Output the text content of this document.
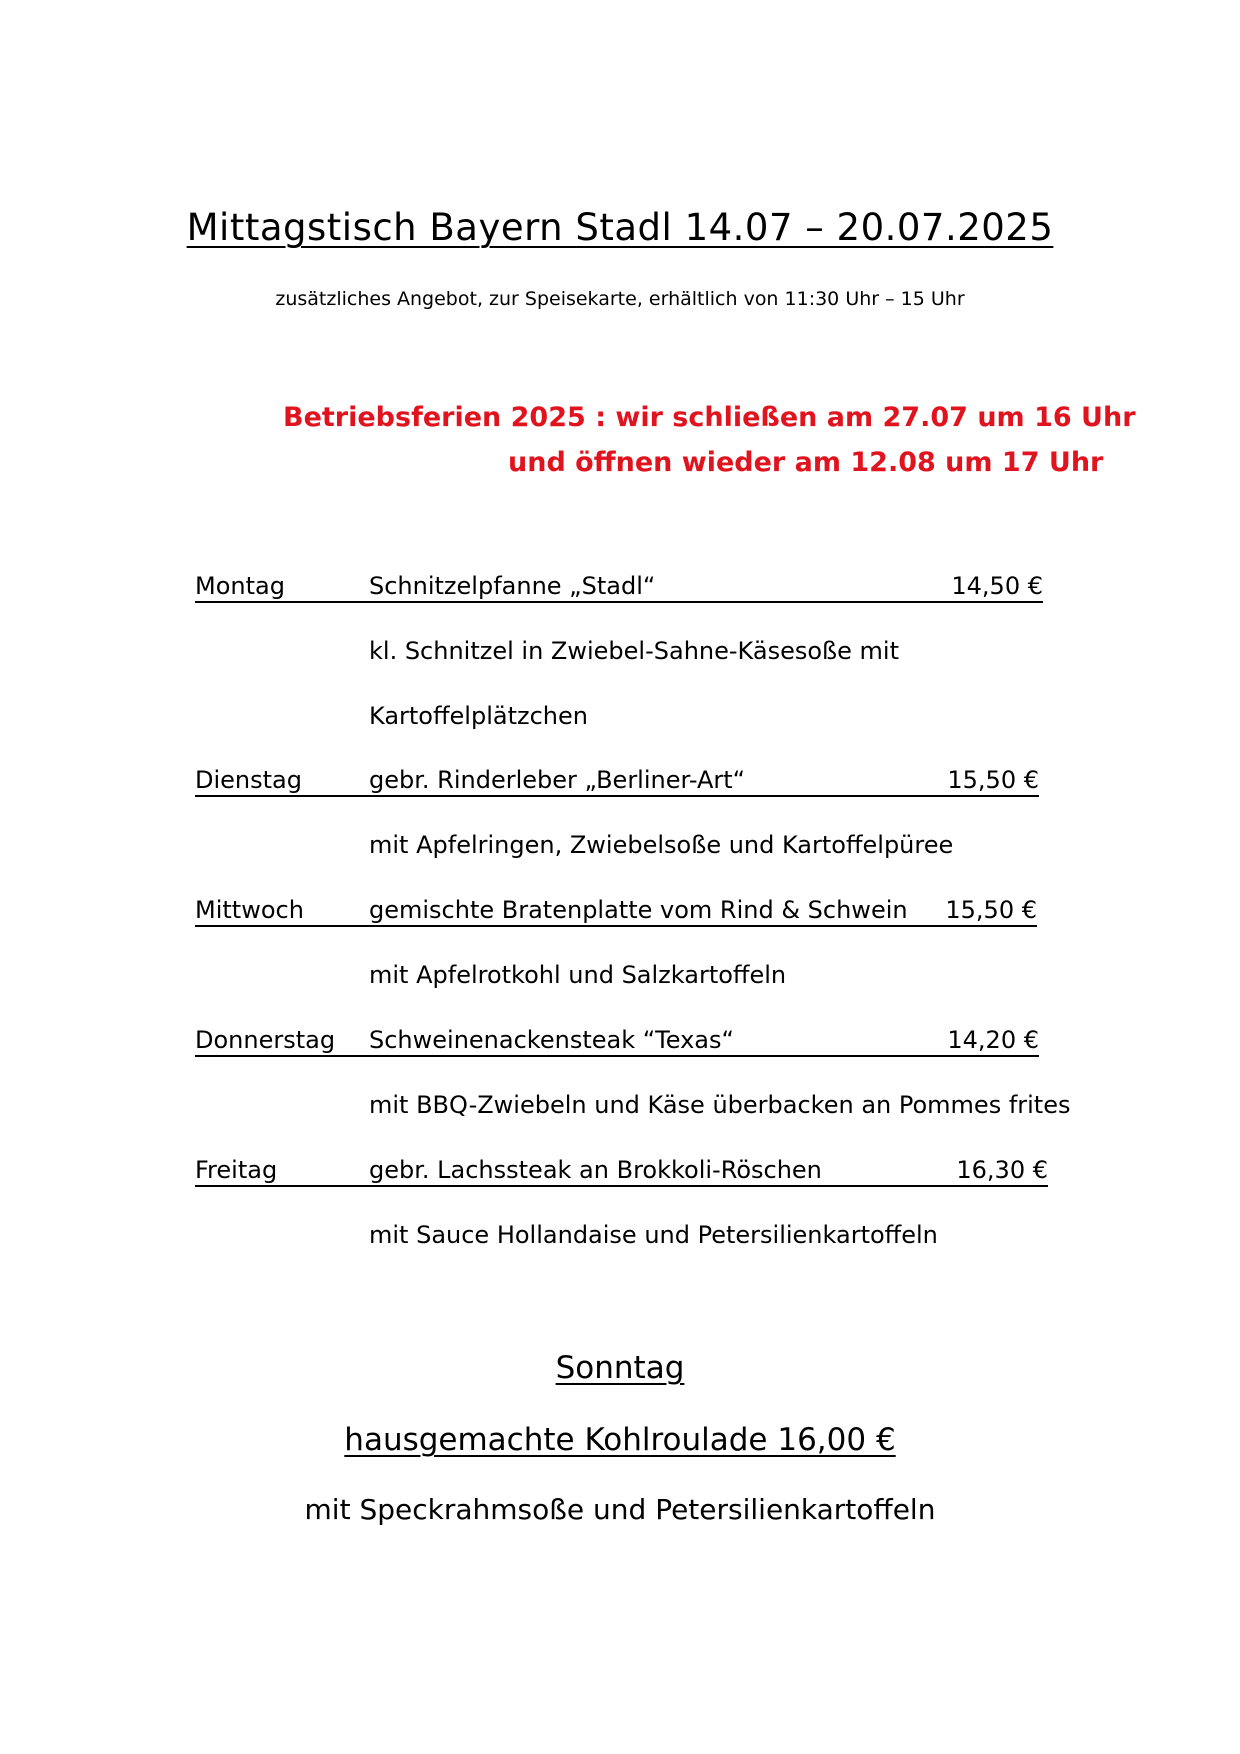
Mittagstisch Bayern Stadl 14.07 – 20.07.2025
zusätzliches Angebot, zur Speisekarte, erhältlich von 11:30 Uhr – 15 Uhr
Betriebsferien 2025 : wir schließen am 27.07 um 16 Uhr
und öffnen wieder am 12.08 um 17 Uhr
Montag	Schnitzelpfanne „Stadl“	14,50 €
kl. Schnitzel in Zwiebel-Sahne-Käsesoße mit
Kartoffelplätzchen
Dienstag	gebr. Rinderleber „Berliner-Art“	15,50 €
mit Apfelringen, Zwiebelsoße und Kartoffelpüree
Mittwoch	gemischte Bratenplatte vom Rind & Schwein	15,50 €
mit Apfelrotkohl und Salzkartoffeln
Donnerstag Schweinenackensteak “Texas“	14,20 €
mit BBQ-Zwiebeln und Käse überbacken an Pommes frites
Freitag	gebr. Lachssteak an Brokkoli-Röschen	16,30 €
mit Sauce Hollandaise und Petersilienkartoffeln
Sonntag
hausgemachte Kohlroulade 16,00 €
mit Speckrahmsoße und Petersilienkartoffeln
